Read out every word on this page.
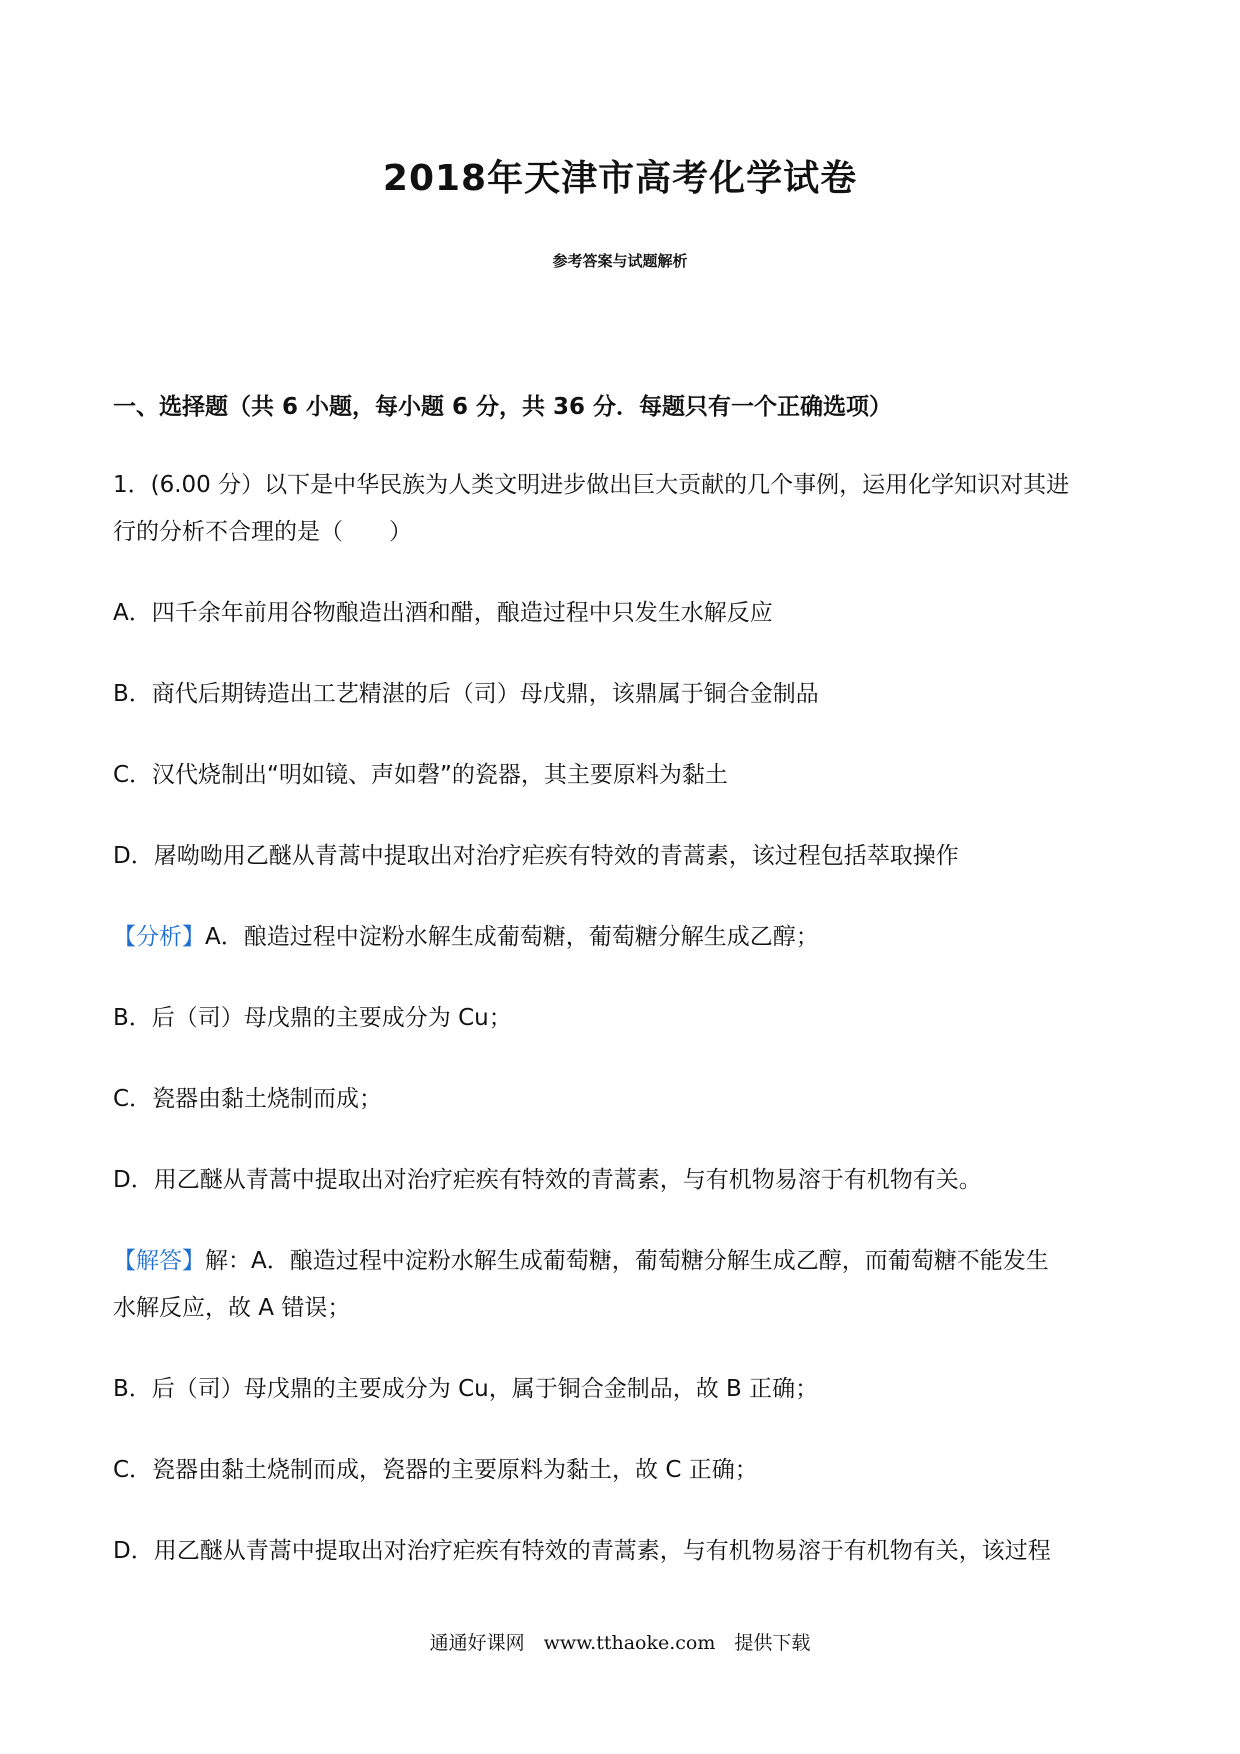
2018年天津市高考化学试卷
参考答案与试题解析
一、选择题（共 6 小题，每小题 6 分，共 36 分．每题只有一个正确选项）
1．(6.00 分）以下是中华民族为人类文明进步做出巨大贡献的几个事例，运用化学知识对其进
行的分析不合理的是（　　）
A．四千余年前用谷物酿造出酒和醋，酿造过程中只发生水解反应
B．商代后期铸造出工艺精湛的后（司）母戊鼎，该鼎属于铜合金制品
C．汉代烧制出“明如镜、声如磬”的瓷器，其主要原料为黏土
D．屠呦呦用乙醚从青蒿中提取出对治疗疟疾有特效的青蒿素，该过程包括萃取操作
【分析】A．酿造过程中淀粉水解生成葡萄糖，葡萄糖分解生成乙醇；
B．后（司）母戊鼎的主要成分为 Cu；
C．瓷器由黏土烧制而成；
D．用乙醚从青蒿中提取出对治疗疟疾有特效的青蒿素，与有机物易溶于有机物有关。
【解答】解：A．酿造过程中淀粉水解生成葡萄糖，葡萄糖分解生成乙醇，而葡萄糖不能发生
水解反应，故 A 错误；
B．后（司）母戊鼎的主要成分为 Cu，属于铜合金制品，故 B 正确；
C．瓷器由黏土烧制而成，瓷器的主要原料为黏土，故 C 正确；
D．用乙醚从青蒿中提取出对治疗疟疾有特效的青蒿素，与有机物易溶于有机物有关，该过程
通通好课网　www.tthaoke.com　提供下载
